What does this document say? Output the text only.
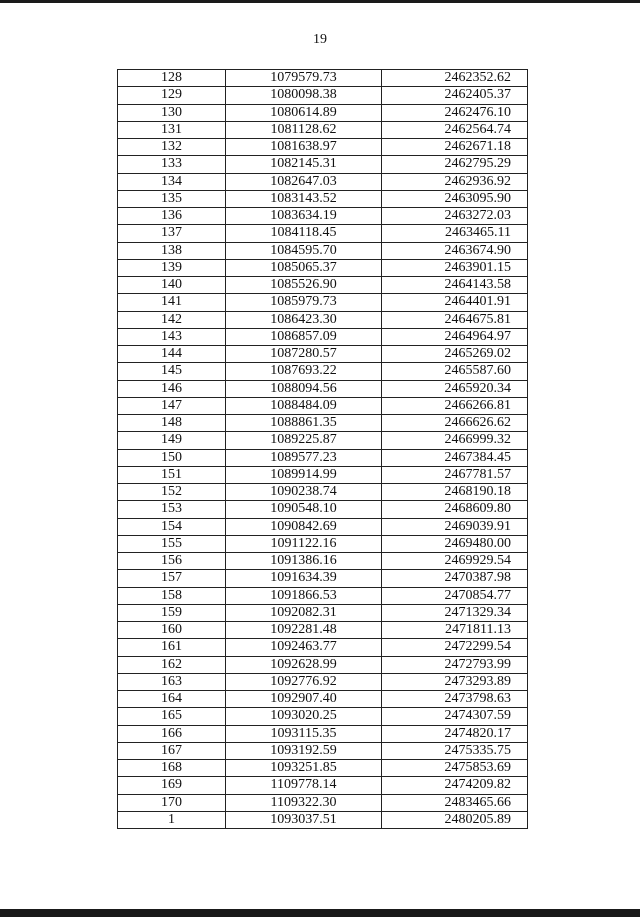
19
128	1079579.73	2462352.62
129	1080098.38	2462405.37
130	1080614.89	2462476.10
131	1081128.62	2462564.74
132	1081638.97	2462671.18
133	1082145.31	2462795.29
134	1082647.03	2462936.92
135	1083143.52	2463095.90
136	1083634.19	2463272.03
137	1084118.45	2463465.11
138	1084595.70	2463674.90
139	1085065.37	2463901.15
140	1085526.90	2464143.58
141	1085979.73	2464401.91
142	1086423.30	2464675.81
143	1086857.09	2464964.97
144	1087280.57	2465269.02
145	1087693.22	2465587.60
146	1088094.56	2465920.34
147	1088484.09	2466266.81
148	1088861.35	2466626.62
149	1089225.87	2466999.32
150	1089577.23	2467384.45
151	1089914.99	2467781.57
152	1090238.74	2468190.18
153	1090548.10	2468609.80
154	1090842.69	2469039.91
155	1091122.16	2469480.00
156	1091386.16	2469929.54
157	1091634.39	2470387.98
158	1091866.53	2470854.77
159	1092082.31	2471329.34
160	1092281.48	2471811.13
161	1092463.77	2472299.54
162	1092628.99	2472793.99
163	1092776.92	2473293.89
164	1092907.40	2473798.63
165	1093020.25	2474307.59
166	1093115.35	2474820.17
167	1093192.59	2475335.75
168	1093251.85	2475853.69
169	1109778.14	2474209.82
170	1109322.30	2483465.66
1	1093037.51	2480205.89
